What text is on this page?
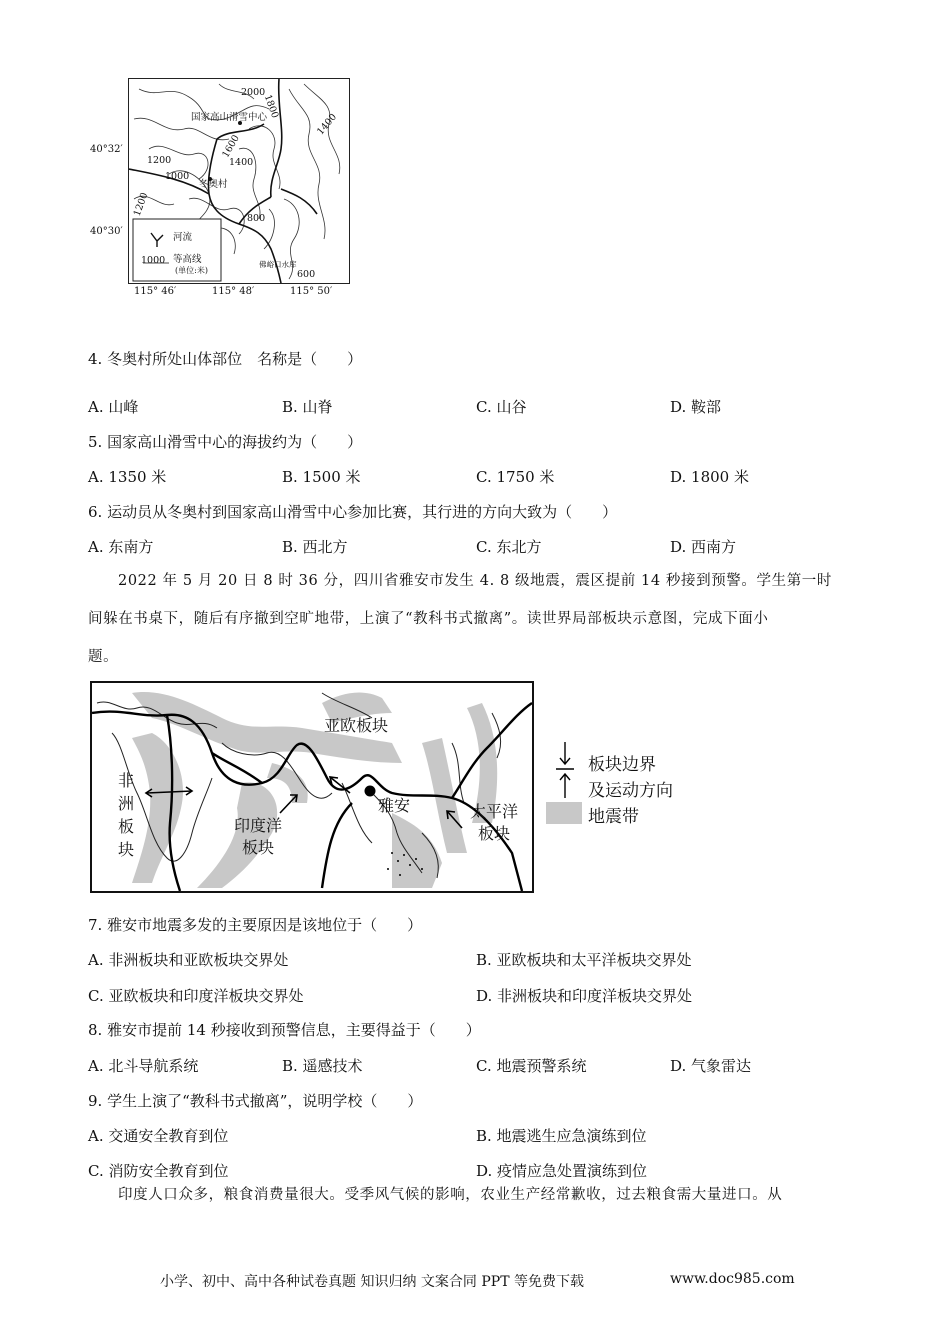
国家高山滑雪中心
冬奥村
佛峪口水库
2000
1800
1600
1400
1400
1200
1200
1000
800
600
河流
等高线
(单位:米)
1000
40°32′
40°30′
115° 46′	115° 48′	115° 50′
4. 冬奥村所处山体部位　名称是（　　）
A. 山峰	B. 山脊	C. 山谷	D. 鞍部
5. 国家高山滑雪中心的海拔约为（　　）
A. 1350 米	B. 1500 米	C. 1750 米	D. 1800 米
6. 运动员从冬奥村到国家高山滑雪中心参加比赛，其行进的方向大致为（　　）
A. 东南方	B. 西北方	C. 东北方	D. 西南方
2022 年 5 月 20 日 8 时 36 分，四川省雅安市发生 4. 8 级地震，震区提前 14 秒接到预警。学生第一时
间躲在书桌下，随后有序撤到空旷地带，上演了“教科书式撤离”。读世界局部板块示意图，完成下面小
题。
亚欧板块
非
洲
板
块
印度洋
板块
太平洋
板块
雅安
板块边界
及运动方向
地震带
7. 雅安市地震多发的主要原因是该地位于（　　）
A. 非洲板块和亚欧板块交界处	B. 亚欧板块和太平洋板块交界处
C. 亚欧板块和印度洋板块交界处	D. 非洲板块和印度洋板块交界处
8. 雅安市提前 14 秒接收到预警信息，主要得益于（　　）
A. 北斗导航系统	B. 遥感技术	C. 地震预警系统	D. 气象雷达
9. 学生上演了“教科书式撤离”，说明学校（　　）
A. 交通安全教育到位	B. 地震逃生应急演练到位
C. 消防安全教育到位	D. 疫情应急处置演练到位
印度人口众多，粮食消费量很大。受季风气候的影响，农业生产经常歉收，过去粮食需大量进口。从
小学、初中、高中各种试卷真题 知识归纳 文案合同 PPT 等免费下载	www.doc985.com
